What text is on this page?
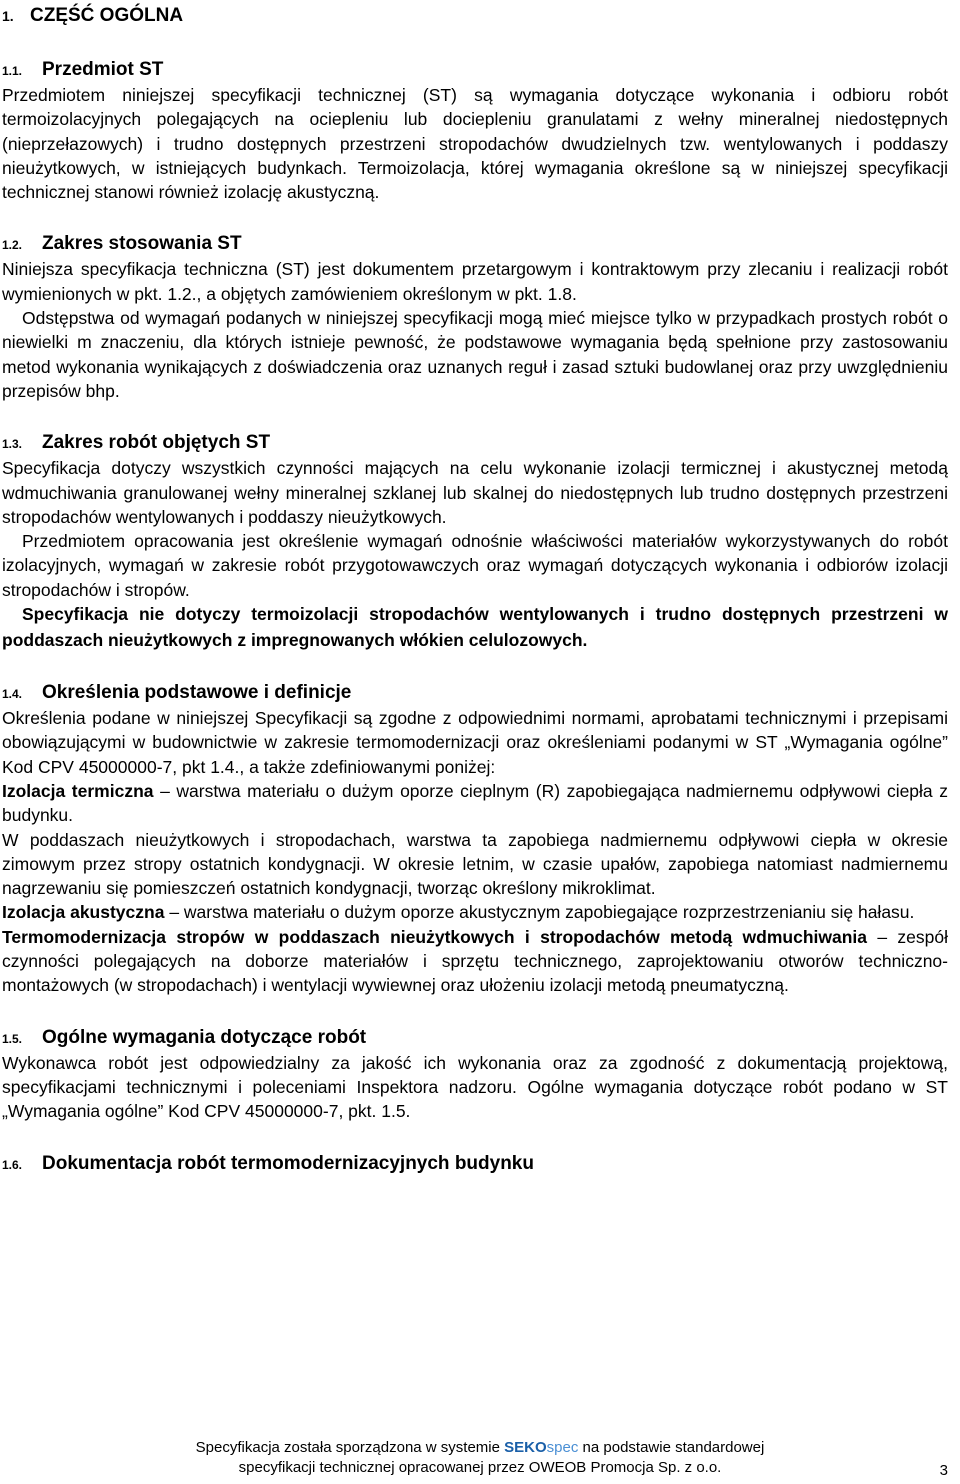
1. CZĘŚĆ OGÓLNA
1.1. Przedmiot ST

Przedmiotem niniejszej specyfikacji technicznej (ST) są wymagania dotyczące wykonania i odbioru robót termoizolacyjnych polegających na ociepleniu lub dociepleniu granulatami z wełny mineralnej niedostępnych (nieprzełazowych) i trudno dostępnych przestrzeni stropodachów dwudzielnych tzw. wentylowanych i poddaszy nieużytkowych, w istniejących budynkach. Termoizolacja, której wymagania określone są w niniejszej specyfikacji technicznej stanowi również izolację akustyczną.

1.2. Zakres stosowania ST

Niniejsza specyfikacja techniczna (ST) jest dokumentem przetargowym i kontraktowym przy zlecaniu i realizacji robót wymienionych w pkt. 1.2., a objętych zamówieniem określonym w pkt. 1.8.

Odstępstwa od wymagań podanych w niniejszej specyfikacji mogą mieć miejsce tylko w przypadkach prostych robót o niewielki m znaczeniu, dla których istnieje pewność, że podstawowe wymagania będą spełnione przy zastosowaniu metod wykonania wynikających z doświadczenia oraz uznanych reguł i zasad sztuki budowlanej oraz przy uwzględnieniu przepisów bhp.

1.3. Zakres robót objętych ST

Specyfikacja dotyczy wszystkich czynności mających na celu wykonanie izolacji termicznej i akustycznej metodą wdmuchiwania granulowanej wełny mineralnej szklanej lub skalnej do niedostępnych lub trudno dostępnych przestrzeni stropodachów wentylowanych i poddaszy nieużytkowych.

Przedmiotem opracowania jest określenie wymagań odnośnie właściwości materiałów wykorzystywanych do robót izolacyjnych, wymagań w zakresie robót przygotowawczych oraz wymagań dotyczących wykonania i odbiorów izolacji stropodachów i stropów.

Specyfikacja nie dotyczy termoizolacji stropodachów wentylowanych i trudno dostępnych przestrzeni w poddaszach nieużytkowych z impregnowanych włókien celulozowych.

1.4. Określenia podstawowe i definicje

Określenia podane w niniejszej Specyfikacji są zgodne z odpowiednimi normami, aprobatami technicznymi i przepisami obowiązującymi w budownictwie w zakresie termomodernizacji oraz określeniami podanymi w ST „Wymagania ogólne” Kod CPV 45000000-7, pkt 1.4., a także zdefiniowanymi poniżej:

Izolacja termiczna – warstwa materiału o dużym oporze cieplnym (R) zapobiegająca nadmiernemu odpływowi ciepła z budynku.

W poddaszach nieużytkowych i stropodachach, warstwa ta zapobiega nadmiernemu odpływowi ciepła w okresie zimowym przez stropy ostatnich kondygnacji. W okresie letnim, w czasie upałów, zapobiega natomiast nadmiernemu nagrzewaniu się pomieszczeń ostatnich kondygnacji, tworząc określony mikroklimat.

Izolacja akustyczna – warstwa materiału o dużym oporze akustycznym zapobiegające rozprzestrzenianiu się hałasu.

Termomodernizacja stropów w poddaszach nieużytkowych i stropodachów metodą wdmuchiwania – zespół czynności polegających na doborze materiałów i sprzętu technicznego, zaprojektowaniu otworów techniczno-montażowych (w stropodachach) i wentylacji wywiewnej oraz ułożeniu izolacji metodą pneumatyczną.

1.5. Ogólne wymagania dotyczące robót

Wykonawca robót jest odpowiedzialny za jakość ich wykonania oraz za zgodność z dokumentacją projektową, specyfikacjami technicznymi i poleceniami Inspektora nadzoru. Ogólne wymagania dotyczące robót podano w ST „Wymagania ogólne” Kod CPV 45000000-7, pkt. 1.5.

1.6. Dokumentacja robót termomodernizacyjnych budynku
Specyfikacja została sporządzona w systemie SEKOspec na podstawie standardowej
specyfikacji technicznej opracowanej przez OWEOB Promocja Sp. z o.o.	3
